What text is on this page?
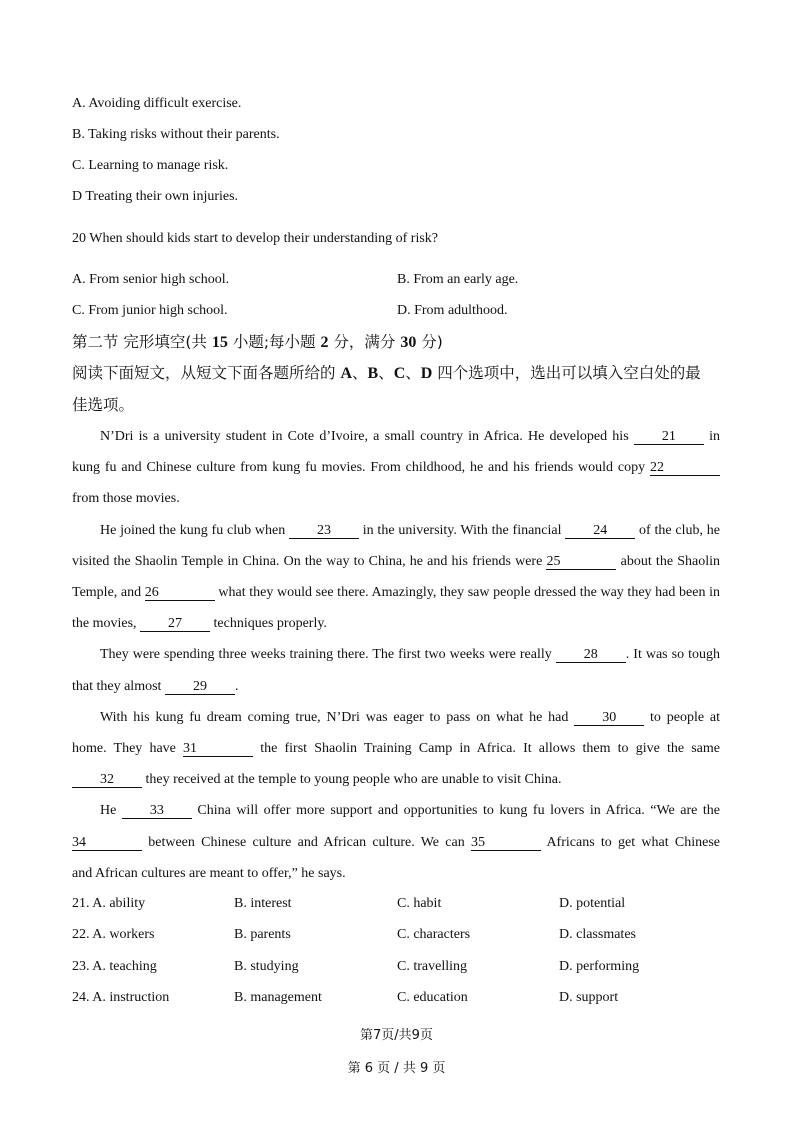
A. Avoiding difficult exercise.
B. Taking risks without their parents.
C. Learning to manage risk.
D Treating their own injuries.
20 When should kids start to develop their understanding of risk?
A. From senior high school.	B. From an early age.
C. From junior high school.	D. From adulthood.
第二节 完形填空(共 15 小题;每小题 2 分，满分 30 分)
阅读下面短文，从短文下面各题所给的 A、B、C、D 四个选项中，选出可以填入空白处的最
佳选项。
N’Dri is a university student in Cote d’Ivoire, a small country in Africa. He developed his 21 in
kung fu and Chinese culture from kung fu movies. From childhood, he and his friends would copy 22
from those movies.
He joined the kung fu club when 23 in the university. With the financial 24 of the club, he
visited the Shaolin Temple in China. On the way to China, he and his friends were 25	about the Shaolin
Temple, and 26	what they would see there. Amazingly, they saw people dressed the way they had been in
the movies, 27 techniques properly.
They were spending three weeks training there. The first two weeks were really 28 . It was so tough
that they almost 29 .
With his kung fu dream coming true, N’Dri was eager to pass on what he had 30 to people at
home. They have 31	the first Shaolin Training Camp in Africa. It allows them to give the same
32 they received at the temple to young people who are unable to visit China.
He 33 China will offer more support and opportunities to kung fu lovers in Africa. “We are the
34	between Chinese culture and African culture. We can 35	Africans to get what Chinese
and African cultures are meant to offer,” he says.
21. A. ability	B. interest	C. habit	D. potential
22. A. workers	B. parents	C. characters	D. classmates
23. A. teaching	B. studying	C. travelling	D. performing
24. A. instruction	B. management	C. education	D. support
第7页/共9页
第 6 页 / 共 9 页
